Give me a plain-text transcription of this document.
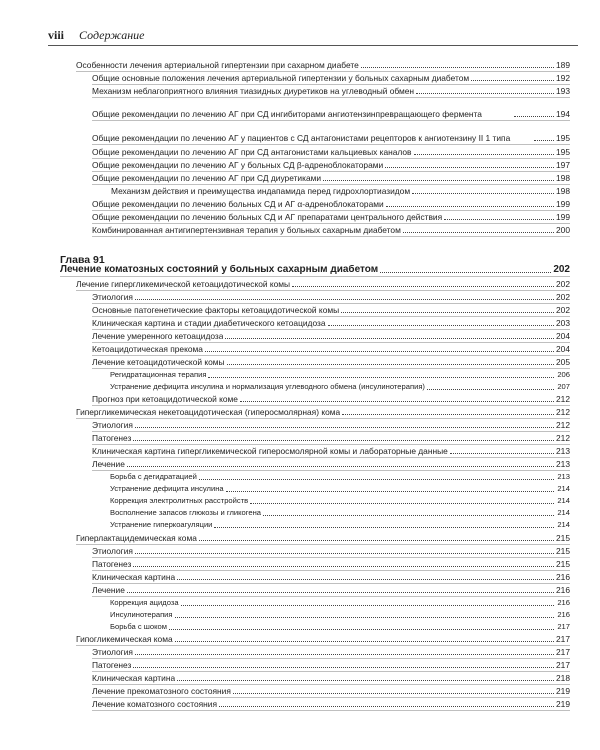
viii Содержание
Особенности лечения артериальной гипертензии при сахарном диабете	189
Общие основные положения лечения артериальной гипертензии у больных сахарным диабетом	192
Механизм неблагоприятного влияния тиазидных диуретиков на углеводный обмен	193
Общие рекомендации по лечению АГ при СД ингибиторами ангиотензинпревращающего фермента	194
Общие рекомендации по лечению АГ у пациентов с СД антагонистами рецепторов к ангиотензину II 1 типа	195
Общие рекомендации по лечению АГ при СД антагонистами кальциевых каналов	195
Общие рекомендации по лечению АГ у больных СД β-адреноблокаторами	197
Общие рекомендации по лечению АГ при СД диуретиками	198
Механизм действия и преимущества индапамида перед гидрохлортиазидом	198
Общие рекомендации по лечению больных СД и АГ α-адреноблокаторами	199
Общие рекомендации по лечению больных СД и АГ препаратами центрального действия	199
Комбинированная антигипертензивная терапия у больных сахарным диабетом	200
Глава 91
Лечение коматозных состояний у больных сахарным диабетом	202
Лечение гипергликемической кетоацидотической комы	202
Этиология	202
Основные патогенетические факторы кетоацидотической комы	202
Клиническая картина и стадии диабетического кетоацидоза	203
Лечение умеренного кетоацидоза	204
Кетоацидотическая прекома	204
Лечение кетоацидотической комы	205
Регидратационная терапия	206
Устранение дефицита инсулина и нормализация углеводного обмена (инсулинотерапия)	207
Прогноз при кетоацидотической коме	212
Гипергликемическая некетоацидотическая (гиперосмолярная) кома	212
Этиология	212
Патогенез	212
Клиническая картина гипергликемической гиперосмолярной комы и лабораторные данные	213
Лечение	213
Борьба с дегидратацией	213
Устранение дефицита инсулина	214
Коррекция электролитных расстройств	214
Восполнение запасов глюкозы и гликогена	214
Устранение гиперкоагуляции	214
Гиперлактацидемическая кома	215
Этиология	215
Патогенез	215
Клиническая картина	216
Лечение	216
Коррекция ацидоза	216
Инсулинотерапия	216
Борьба с шоком	217
Гипогликемическая кома	217
Этиология	217
Патогенез	217
Клиническая картина	218
Лечение прекоматозного состояния	219
Лечение коматозного состояния	219
